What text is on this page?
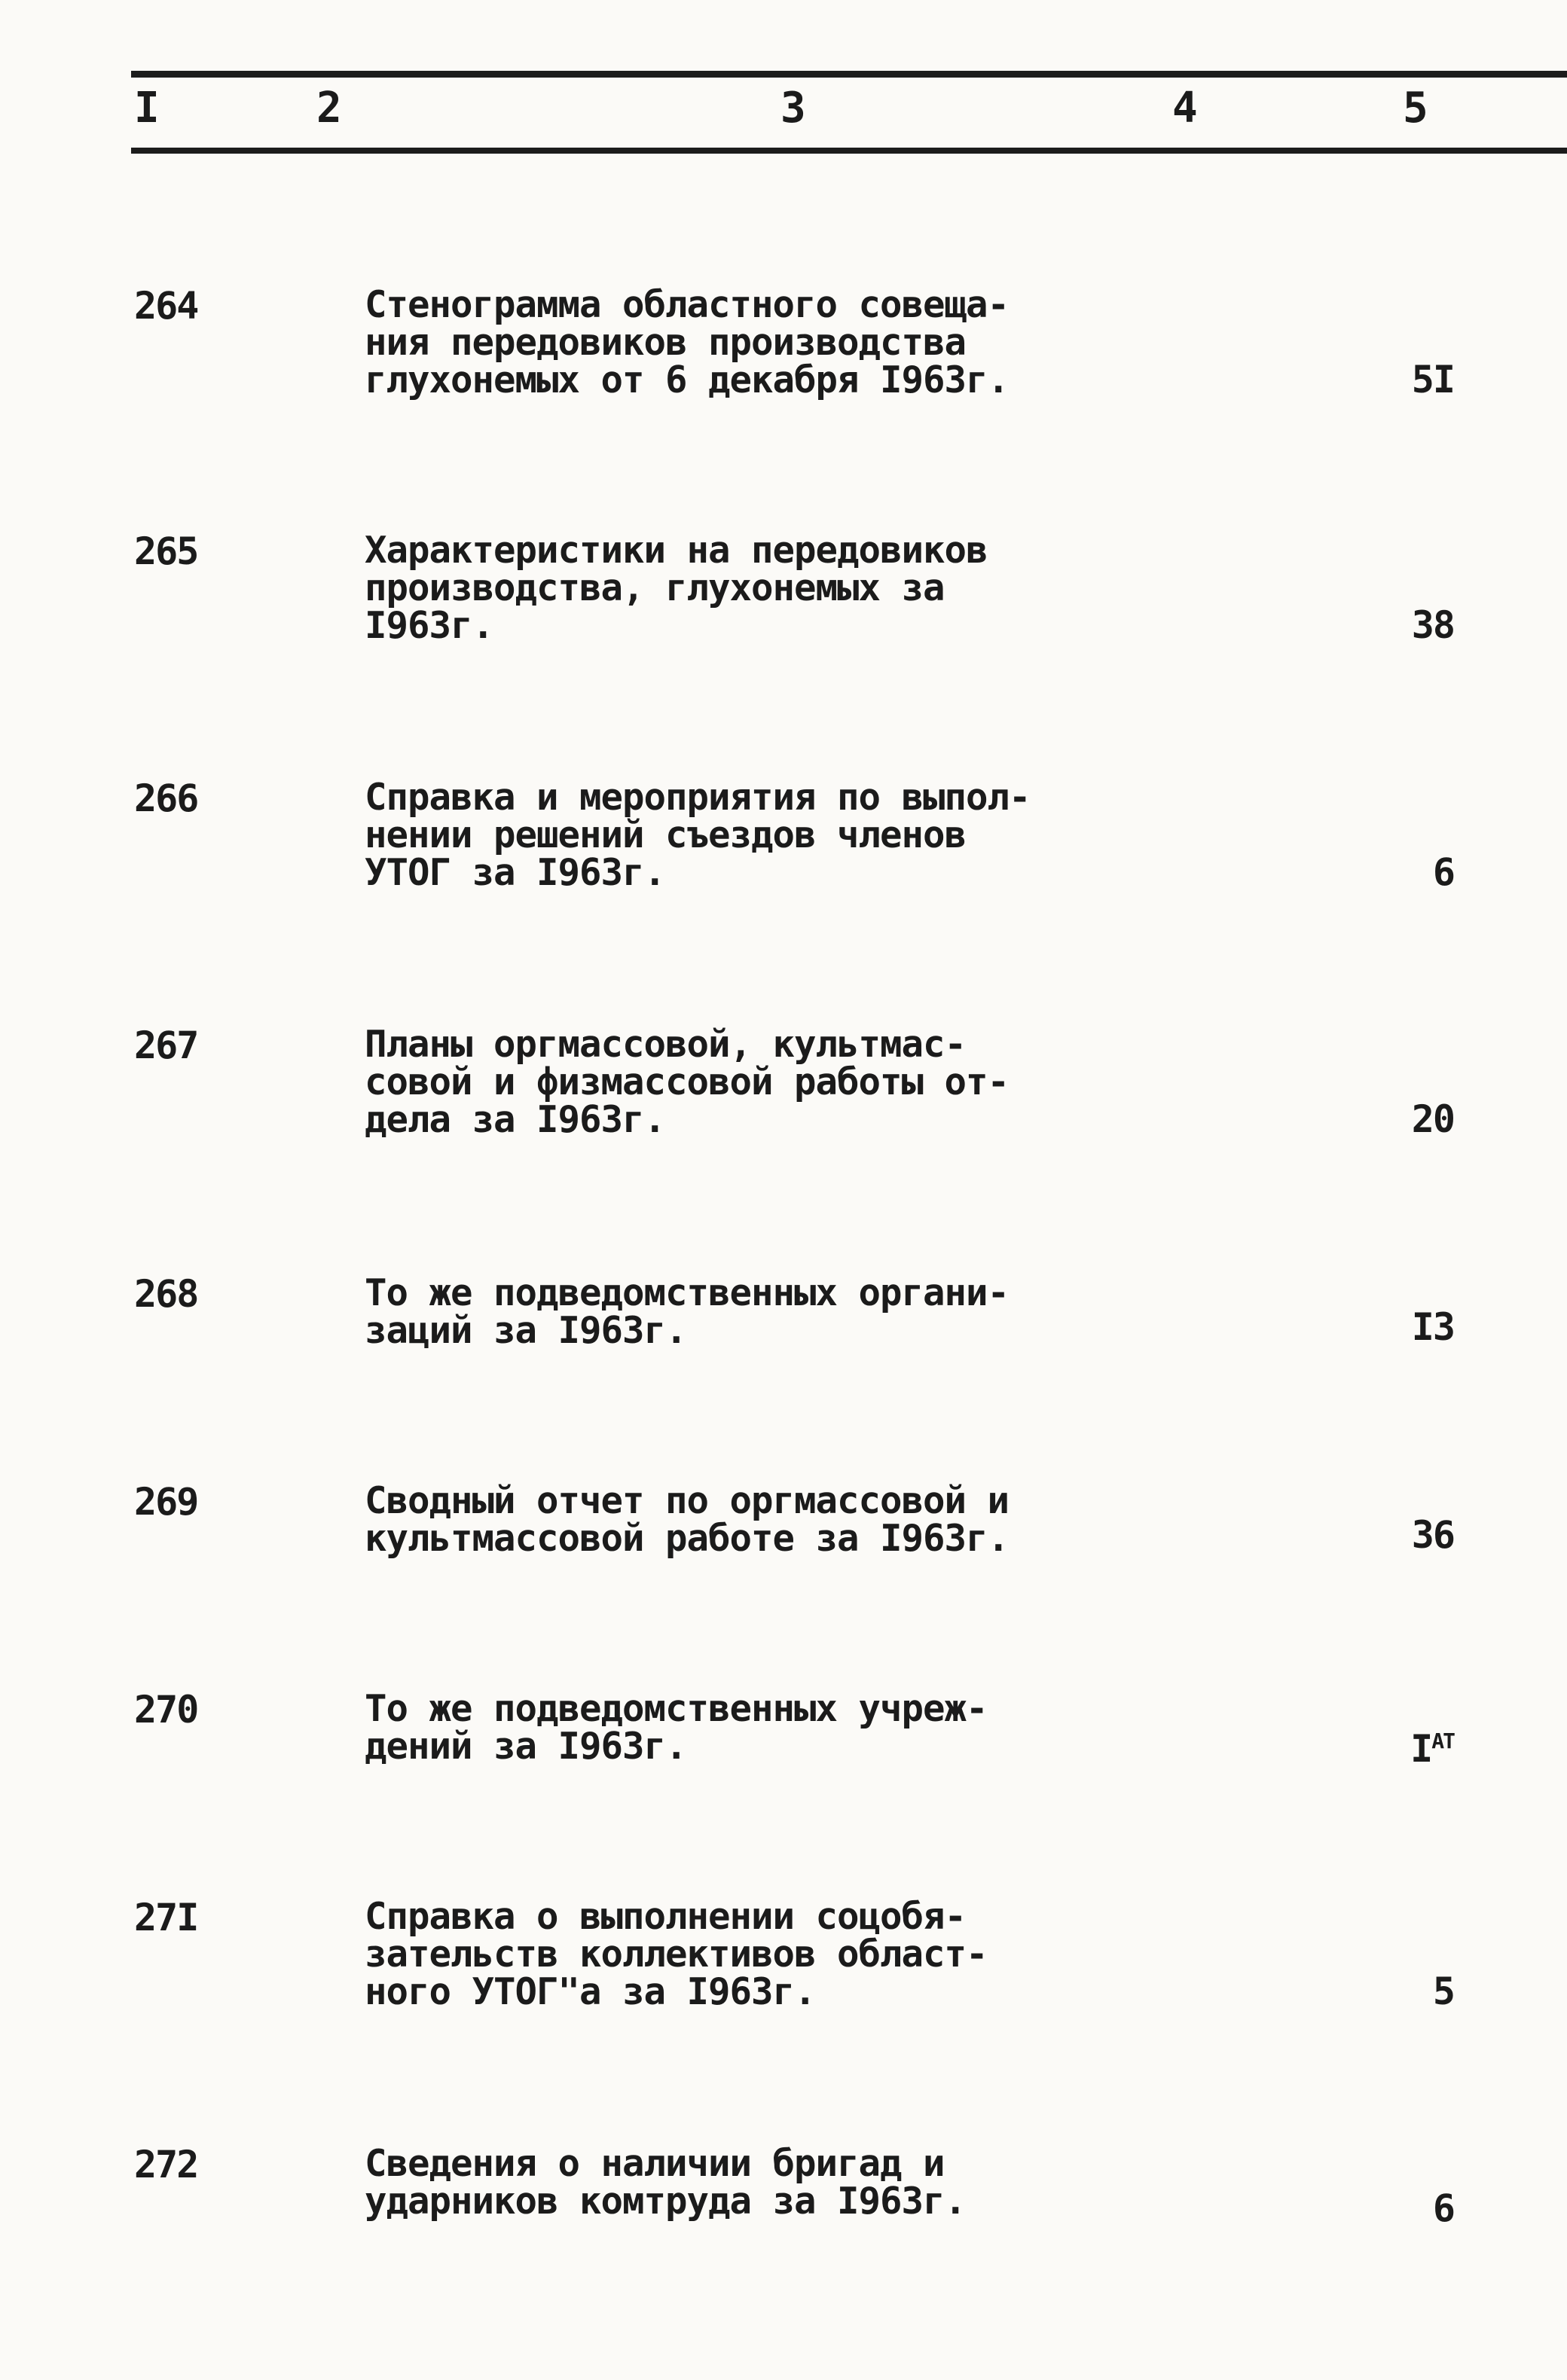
I	2	3	4	5
264	Стенограмма областного совеща-
ния передовиков производства
глухонемых от 6 декабря I963г.	5I
265	Характеристики на передовиков
производства, глухонемых за
I963г.	38
266	Справка и мероприятия по выпол-
нении решений съездов членов
УТОГ за I963г.	6
267	Планы оргмассовой, культмас-
совой и физмассовой работы от-
дела за I963г.	20
268	То же подведомственных органи-
заций за I963г.	I3
269	Сводный отчет по оргмассовой и
культмассовой работе за I963г.	36
270	То же подведомственных учреж-
дений за I963г.	$I^{АТ}$
27I	Справка о выполнении соцобя-
зательств коллективов област-
ного УТОГ"а за I963г.	5
272	Сведения о наличии бригад и
ударников комтруда за I963г.	6
